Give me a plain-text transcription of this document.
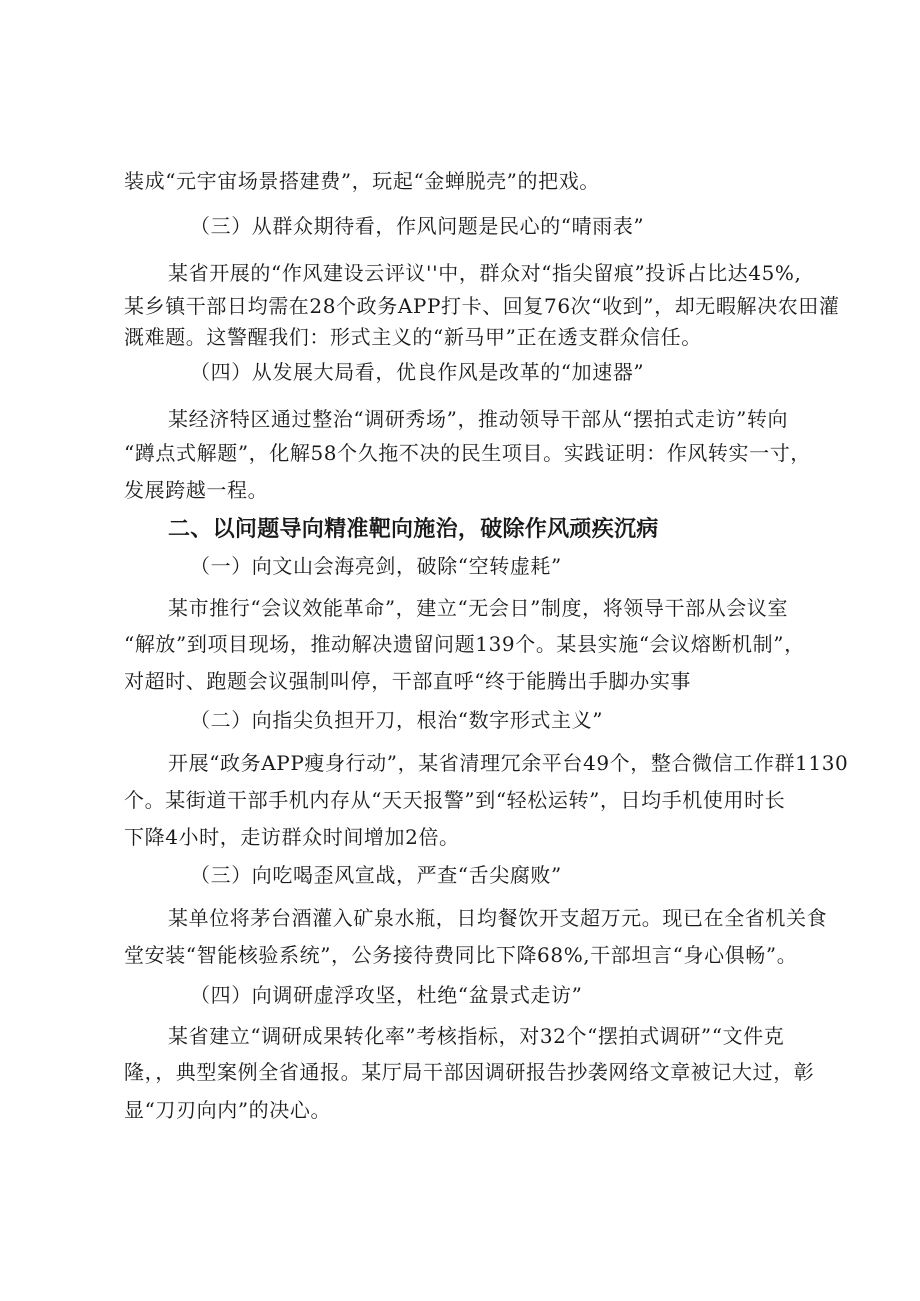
装成“元宇宙场景搭建费”，玩起“金蝉脱壳”的把戏。
（三）从群众期待看，作风问题是民心的“晴雨表”
某省开展的“作风建设云评议''中，群众对“指尖留痕”投诉占比达45%,
某乡镇干部日均需在28个政务APP打卡、回复76次“收到”，却无暇解决农田灌
溉难题。这警醒我们：形式主义的“新马甲”正在透支群众信任。
（四）从发展大局看，优良作风是改革的“加速器”
某经济特区通过整治“调研秀场”，推动领导干部从“摆拍式走访”转向
“蹲点式解题”，化解58个久拖不决的民生项目。实践证明：作风转实一寸，
发展跨越一程。
二、以问题导向精准靶向施治，破除作风顽疾沉病
（一）向文山会海亮剑，破除“空转虚耗”
某市推行“会议效能革命”，建立“无会日”制度，将领导干部从会议室
“解放”到项目现场，推动解决遗留问题139个。某县实施“会议熔断机制”，
对超时、跑题会议强制叫停，干部直呼“终于能腾出手脚办实事
（二）向指尖负担开刀，根治“数字形式主义”
开展“政务APP瘦身行动”，某省清理冗余平台49个，整合微信工作群1130
个。某街道干部手机内存从“天天报警”到“轻松运转”，日均手机使用时长
下降4小时，走访群众时间增加2倍。
（三）向吃喝歪风宣战，严查“舌尖腐败”
某单位将茅台酒灌入矿泉水瓶，日均餐饮开支超万元。现已在全省机关食
堂安装“智能核验系统”，公务接待费同比下降68%,干部坦言“身心俱畅”。
（四）向调研虚浮攻坚，杜绝“盆景式走访”
某省建立“调研成果转化率”考核指标，对32个“摆拍式调研”“文件克
隆，，典型案例全省通报。某厅局干部因调研报告抄袭网络文章被记大过，彰
显“刀刃向内”的决心。
